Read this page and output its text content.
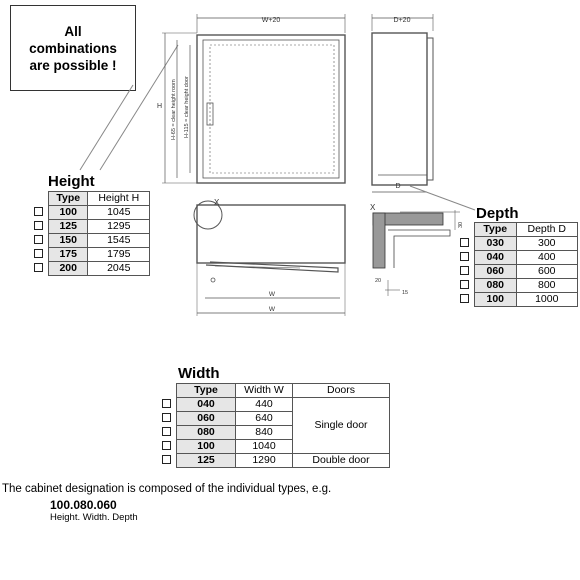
All
combinations
are possible !
W+20
H H-65 = clear height room H-115 = clear height door
D+20
D
X
W
W
X
20
15
30
Height
Type	Height H
100	1045
125	1295
150	1545
175	1795
200	2045
Depth
Type	Depth D
030	300
040	400
060	600
080	800
100	1000
Width
Type	Width W	Doors
040	440	Single door
060	640	
080	840	
100	1040	
125	1290	Double door
The cabinet designation is composed of the individual types, e.g.
100.080.060
Height. Width. Depth
